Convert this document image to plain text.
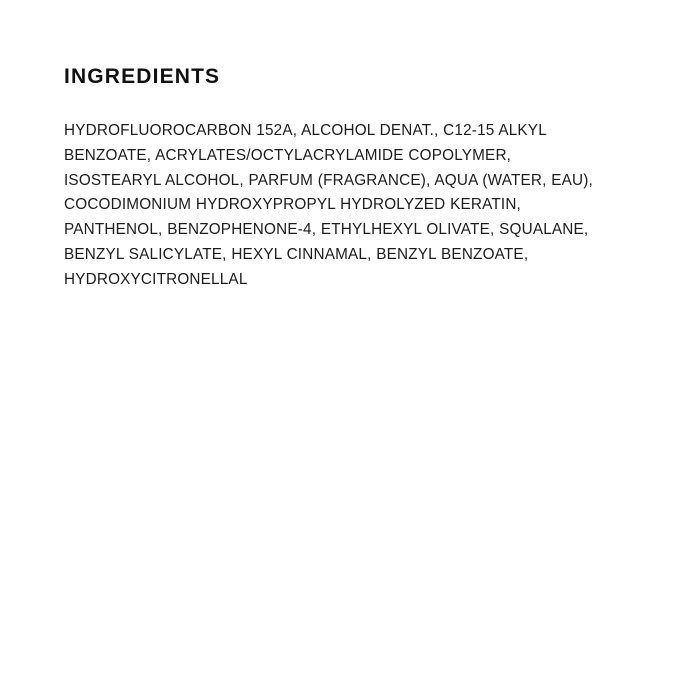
INGREDIENTS

HYDROFLUOROCARBON 152A, ALCOHOL DENAT., C12-15 ALKYL BENZOATE, ACRYLATES/OCTYLACRYLAMIDE COPOLYMER, ISOSTEARYL ALCOHOL, PARFUM (FRAGRANCE), AQUA (WATER, EAU), COCODIMONIUM HYDROXYPROPYL HYDROLYZED KERATIN, PANTHENOL, BENZOPHENONE-4, ETHYLHEXYL OLIVATE, SQUALANE, BENZYL SALICYLATE, HEXYL CINNAMAL, BENZYL BENZOATE, HYDROXYCITRONELLAL
